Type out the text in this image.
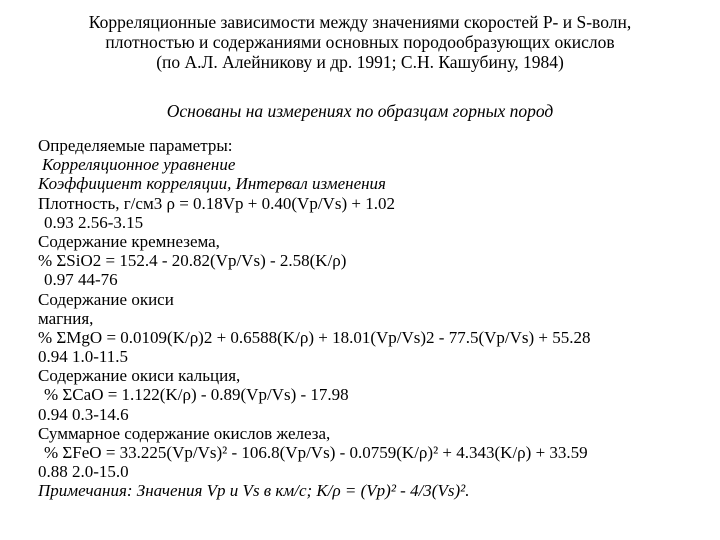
Корреляционные зависимости между значениями скоростей P- и S-волн,
плотностью и содержаниями основных породообразующих окислов
(по А.Л. Алейникову и др. 1991; С.Н. Кашубину, 1984)
Основаны на измерениях по образцам горных пород
Определяемые параметры:
Корреляционное уравнение
Коэффициент корреляции, Интервал изменения
Плотность, г/см3 ρ = 0.18Vp + 0.40(Vp/Vs) + 1.02
0.93 2.56-3.15
Содержание кремнезема,
% ΣSiO2 = 152.4 - 20.82(Vp/Vs) - 2.58(K/ρ)
0.97 44-76
Содержание окиси
магния,
% ΣMgO = 0.0109(K/ρ)2 + 0.6588(K/ρ) + 18.01(Vp/Vs)2 - 77.5(Vp/Vs) + 55.28
0.94 1.0-11.5
Содержание окиси кальция,
% ΣCaO = 1.122(K/ρ) - 0.89(Vp/Vs) - 17.98
0.94 0.3-14.6
Суммарное содержание окислов железа,
% ΣFeO = 33.225(Vp/Vs)² - 106.8(Vp/Vs) - 0.0759(K/ρ)² + 4.343(K/ρ) + 33.59
0.88 2.0-15.0
Примечания: Значения Vp и Vs в км/с; K/ρ = (Vp)² - 4/3(Vs)².
